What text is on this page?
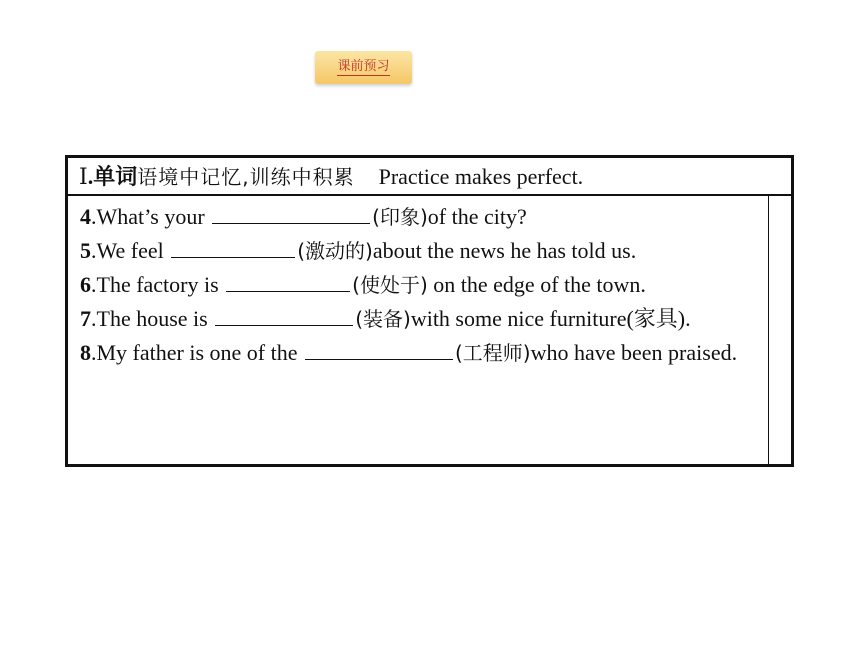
课前预习
Ⅰ.单词语境中记忆,训练中积累 Practice makes perfect.

4.What’s your	(印象)of the city?

5.We feel	(激动的)about the news he has told us.

6.The factory is	(使处于) on the edge of the town.

7.The house is	(装备)with some nice furniture(家具).

8.My father is one of the	(工程师)who have been praised.
